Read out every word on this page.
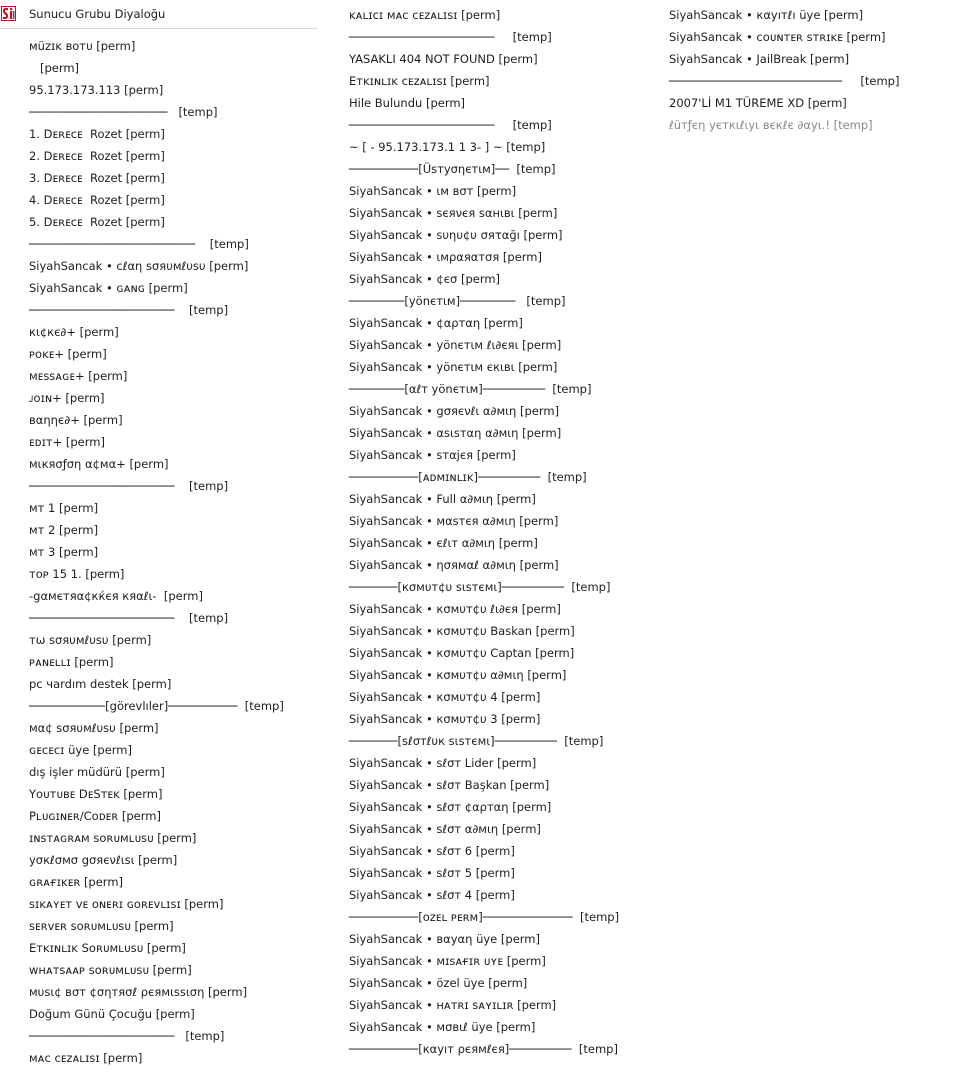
Sunucu Grubu Diyaloğu
ᴍüᴢɪᴋ ʙᴏᴛᴜ [perm]
[perm]
95.173.173.113 [perm]
────────────────────   [temp]
1. Dᴇʀᴇᴄᴇ  Rozet [perm]
2. Dᴇʀᴇᴄᴇ  Rozet [perm]
3. Dᴇʀᴇᴄᴇ  Rozet [perm]
4. Dᴇʀᴇᴄᴇ  Rozet [perm]
5. Dᴇʀᴇᴄᴇ  Rozet [perm]
────────────────────────    [temp]
SiyahSancak • ᴄℓαη ѕσяυмℓυѕυ [perm]
SiyahSancak • ɢᴀɴɢ [perm]
─────────────────────    [temp]
кι¢кє∂+ [perm]
ᴘᴏᴋᴇ+ [perm]
ᴍᴇssᴀɢᴇ+ [perm]
ᴊᴏɪɴ+ [perm]
вαηηє∂+ [perm]
ᴇᴅɪᴛ+ [perm]
мιкяσƒση α¢мα+ [perm]
─────────────────────    [temp]
ᴍᴛ 1 [perm]
ᴍᴛ 2 [perm]
ᴍᴛ 3 [perm]
ᴛᴏᴘ 15 1. [perm]
-gαмєтяα¢кќєя кяαℓι-  [perm]
─────────────────────    [temp]
тω ѕσяυмℓυѕυ [perm]
ᴘᴀɴᴇʟʟɪ [perm]
pc чardım destek [perm]
───────────[görevlıler]──────────  [temp]
мα¢ ѕσяυмℓυѕυ [perm]
ɢᴇᴄᴇᴄɪ üye [perm]
dış işler müdürü [perm]
Yᴏᴜᴛᴜʙᴇ DᴇSᴛᴇᴋ [perm]
Pʟᴜɢɪɴᴇʀ/Cᴏᴅᴇʀ [perm]
ɪɴsᴛᴀɢʀᴀᴍ sᴏʀᴜᴍʟᴜsᴜ [perm]
уσкℓσмσ gσяєνℓιѕι [perm]
ɢʀᴀғɪᴋᴇʀ [perm]
sɪᴋᴀʏᴇᴛ ᴠᴇ ᴏɴᴇʀɪ ɢᴏʀᴇᴠʟɪsɪ [perm]
sᴇʀᴠᴇʀ sᴏʀᴜᴍʟᴜsᴜ [perm]
Eᴛᴋɪɴʟɪᴋ Sᴏʀᴜᴍʟᴜsᴜ [perm]
ᴡʜᴀᴛsᴀᴀᴘ sᴏʀᴜᴍʟᴜsᴜ [perm]
мυѕι¢ вσт ¢σηтяσℓ ρєямιѕѕιση [perm]
Doğum Günü Çocuğu [perm]
─────────────────────   [temp]
ᴍᴀᴄ ᴄᴇᴢᴀʟɪsɪ [perm]
ᴋᴀʟɪᴄɪ ᴍᴀᴄ ᴄᴇᴢᴀʟɪsɪ [perm]
─────────────────────     [temp]
YASAKLI 404 NOT FOUND [perm]
Eᴛᴋɪɴʟɪᴋ ᴄᴇᴢᴀʟɪsɪ [perm]
Hile Bulundu [perm]
─────────────────────     [temp]
~ [ - 95.173.173.1 1 3- ] ~ [temp]
──────────[Üѕтуσηєтιм]──  [temp]
SiyahSancak • ιм вσт [perm]
SiyahSancak • ѕєяνєя ѕαнιвι [perm]
SiyahSancak • ѕυηυ¢υ σяταğı [perm]
SiyahSancak • ιмραяαтσя [perm]
SiyahSancak • ¢єσ [perm]
────────[уönєтιм]────────   [temp]
SiyahSancak • ¢αρтαη [perm]
SiyahSancak • уönєтιм ℓι∂єяι [perm]
SiyahSancak • уönєтιм єкιвι [perm]
────────[αℓт уönєтιм]─────────  [temp]
SiyahSancak • gσяєνℓι α∂мιη [perm]
SiyahSancak • αѕιѕтαη α∂мιη [perm]
SiyahSancak • ѕтαjєя [perm]
──────────[ᴀᴅᴍɪɴʟɪᴋ]─────────  [temp]
SiyahSancak • Full α∂мιη [perm]
SiyahSancak • мαѕтєя α∂мιη [perm]
SiyahSancak • єℓιт α∂мιη [perm]
SiyahSancak • ησямαℓ α∂мιη [perm]
───────[кσмυт¢υ ѕιѕтємι]─────────  [temp]
SiyahSancak • кσмυт¢υ ℓι∂єя [perm]
SiyahSancak • кσмυт¢υ Baskan [perm]
SiyahSancak • кσмυт¢υ Captan [perm]
SiyahSancak • кσмυт¢υ α∂мιη [perm]
SiyahSancak • кσмυт¢υ 4 [perm]
SiyahSancak • кσмυт¢υ 3 [perm]
───────[ѕℓσтℓυк ѕιѕтємι]─────────  [temp]
SiyahSancak • ѕℓσт Lider [perm]
SiyahSancak • ѕℓσт Başkan [perm]
SiyahSancak • ѕℓσт ¢αρтαη [perm]
SiyahSancak • ѕℓσт α∂мιη [perm]
SiyahSancak • ѕℓσт 6 [perm]
SiyahSancak • ѕℓσт 5 [perm]
SiyahSancak • ѕℓσт 4 [perm]
──────────[ᴏᴢᴇʟ ᴘᴇʀᴍ]─────────────  [temp]
SiyahSancak • вαуαη üye [perm]
SiyahSancak • ᴍɪsᴀғɪʀ ᴜʏᴇ [perm]
SiyahSancak • özel üye [perm]
SiyahSancak • ʜᴀᴛʀɪ sᴀʏɪʟɪʀ [perm]
SiyahSancak • мσвιℓ üye [perm]
──────────[кαуıт ρєямℓєя]─────────  [temp]
SiyahSancak • кαуıтℓı üye [perm]
SiyahSancak • ᴄᴏᴜɴᴛᴇʀ sᴛʀɪᴋᴇ [perm]
SiyahSancak • JailBreak [perm]
─────────────────────────     [temp]
2007'Lİ M1 TÜREME XD [perm]
ℓüтƒєη уєткιℓιуι вєкℓє ∂αуι.! [temp]
